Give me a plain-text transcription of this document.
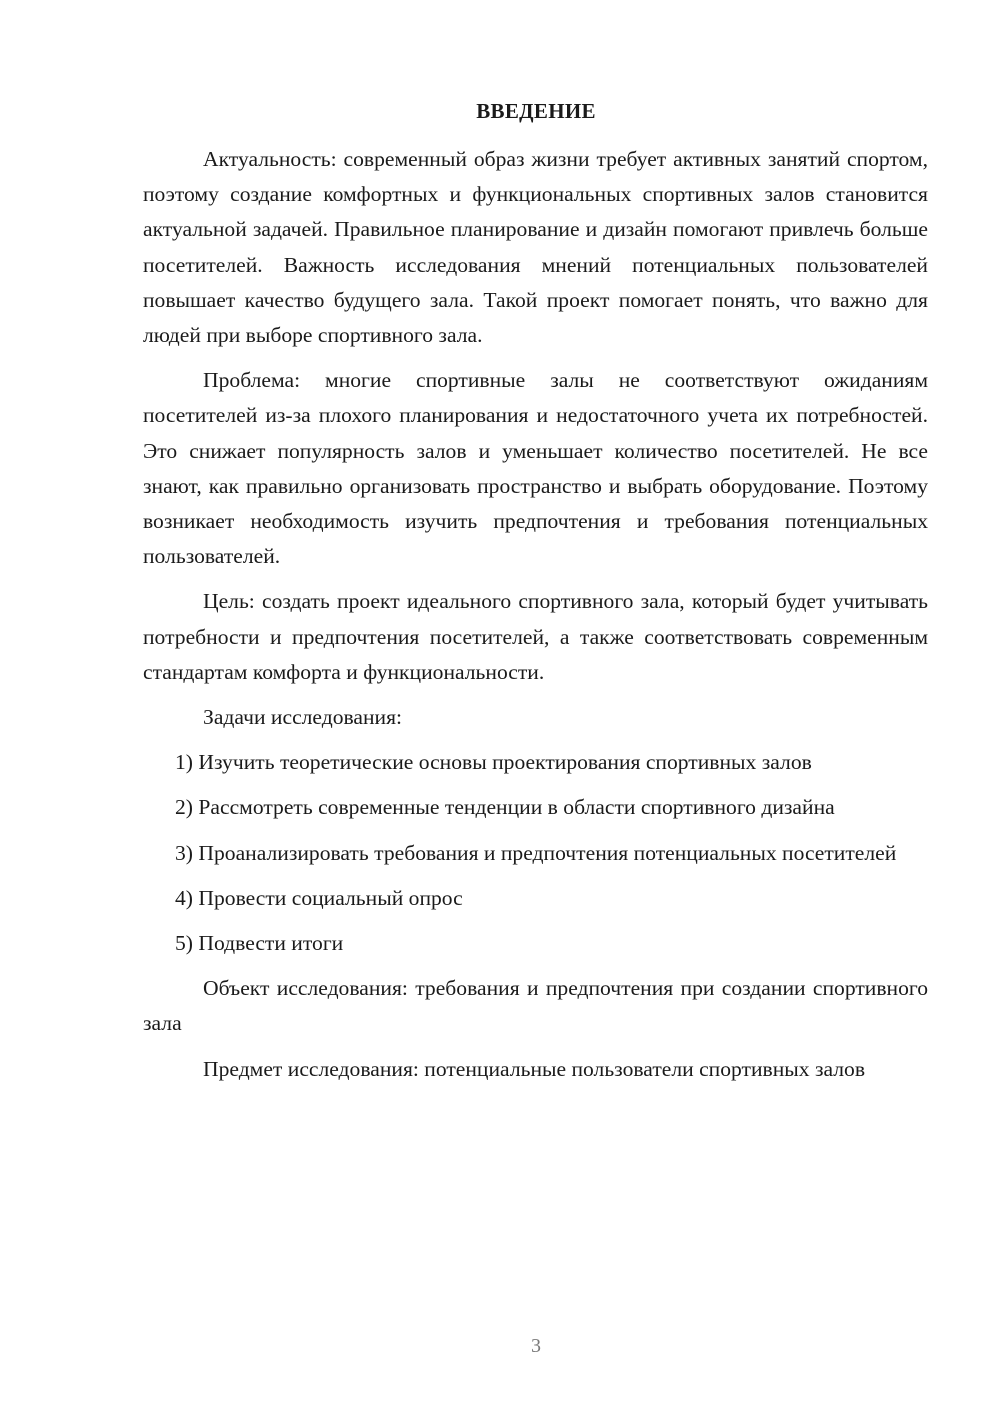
ВВЕДЕНИЕ

Актуальность: современный образ жизни требует активных занятий спортом, поэтому создание комфортных и функциональных спортивных залов становится актуальной задачей. Правильное планирование и дизайн помогают привлечь больше посетителей. Важность исследования мнений потенциальных пользователей повышает качество будущего зала. Такой проект помогает понять, что важно для людей при выборе спортивного зала.

Проблема: многие спортивные залы не соответствуют ожиданиям посетителей из-за плохого планирования и недостаточного учета их потребностей. Это снижает популярность залов и уменьшает количество посетителей. Не все знают, как правильно организовать пространство и выбрать оборудование. Поэтому возникает необходимость изучить предпочтения и требования потенциальных пользователей.

Цель: создать проект идеального спортивного зала, который будет учитывать потребности и предпочтения посетителей, а также соответствовать современным стандартам комфорта и функциональности.

Задачи исследования:

1) Изучить теоретические основы проектирования спортивных залов

2) Рассмотреть современные тенденции в области спортивного дизайна

3) Проанализировать требования и предпочтения потенциальных посетителей

4) Провести социальный опрос

5) Подвести итоги

Объект исследования: требования и предпочтения при создании спортивного зала

Предмет исследования: потенциальные пользователи спортивных залов

3
